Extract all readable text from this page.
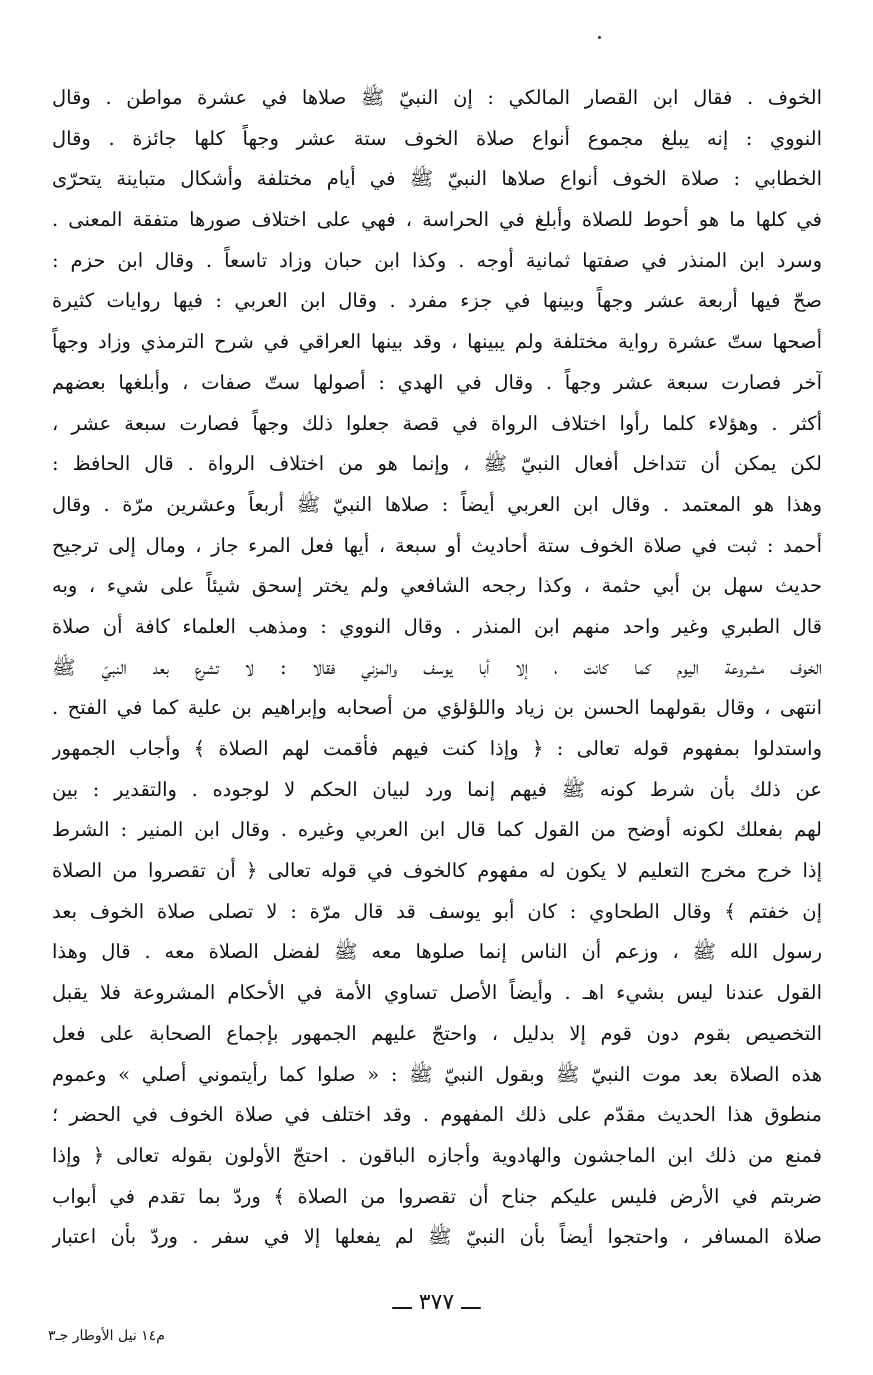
الخوف . فقال ابن القصار المالكي : إن النبيّ ﷺ صلاها في عشرة مواطن . وقال
النووي : إنه يبلغ مجموع أنواع صلاة الخوف ستة عشر وجهاً كلها جائزة . وقال
الخطابي : صلاة الخوف أنواع صلاها النبيّ ﷺ في أيام مختلفة وأشكال متباينة يتحرّى
في كلها ما هو أحوط للصلاة وأبلغ في الحراسة ، فهي على اختلاف صورها متفقة المعنى .
وسرد ابن المنذر في صفتها ثمانية أوجه . وكذا ابن حبان وزاد تاسعاً . وقال ابن حزم :
صحّ فيها أربعة عشر وجهاً وبينها في جزء مفرد . وقال ابن العربي : فيها روايات كثيرة
أصحها ستّ عشرة رواية مختلفة ولم يبينها ، وقد بينها العراقي في شرح الترمذي وزاد وجهاً
آخر فصارت سبعة عشر وجهاً . وقال في الهدي : أصولها ستّ صفات ، وأبلغها بعضهم
أكثر . وهؤلاء كلما رأوا اختلاف الرواة في قصة جعلوا ذلك وجهاً فصارت سبعة عشر ،
لكن يمكن أن تتداخل أفعال النبيّ ﷺ ، وإنما هو من اختلاف الرواة . قال الحافظ :
وهذا هو المعتمد . وقال ابن العربي أيضاً : صلاها النبيّ ﷺ أربعاً وعشرين مرّة . وقال
أحمد : ثبت في صلاة الخوف ستة أحاديث أو سبعة ، أيها فعل المرء جاز ، ومال إلى ترجيح
حديث سهل بن أبي حثمة ، وكذا رجحه الشافعي ولم يختر إسحق شيئاً على شيء ، وبه
قال الطبري وغير واحد منهم ابن المنذر . وقال النووي : ومذهب العلماء كافة أن صلاة
الخوف مشروعة اليوم كما كانت ، إلا أبا يوسف والمزني فقالا : لا تشرع بعد النبيّ ﷺ
انتهى ، وقال بقولهما الحسن بن زياد واللؤلؤي من أصحابه وإبراهيم بن علية كما في الفتح .
واستدلوا بمفهوم قوله تعالى : ﴿ وإذا كنت فيهم فأقمت لهم الصلاة ﴾ وأجاب الجمهور
عن ذلك بأن شرط كونه ﷺ فيهم إنما ورد لبيان الحكم لا لوجوده . والتقدير : بين
لهم بفعلك لكونه أوضح من القول كما قال ابن العربي وغيره . وقال ابن المنير : الشرط
إذا خرج مخرج التعليم لا يكون له مفهوم كالخوف في قوله تعالى ﴿ أن تقصروا من الصلاة
إن خفتم ﴾ وقال الطحاوي : كان أبو يوسف قد قال مرّة : لا تصلى صلاة الخوف بعد
رسول الله ﷺ ، وزعم أن الناس إنما صلوها معه ﷺ لفضل الصلاة معه . قال وهذا
القول عندنا ليس بشيء اهـ . وأيضاً الأصل تساوي الأمة في الأحكام المشروعة فلا يقبل
التخصيص بقوم دون قوم إلا بدليل ، واحتجّ عليهم الجمهور بإجماع الصحابة على فعل
هذه الصلاة بعد موت النبيّ ﷺ وبقول النبيّ ﷺ : « صلوا كما رأيتموني أصلي » وعموم
منطوق هذا الحديث مقدّم على ذلك المفهوم . وقد اختلف في صلاة الخوف في الحضر ؛
فمنع من ذلك ابن الماجشون والهادوية وأجازه الباقون . احتجّ الأولون بقوله تعالى ﴿ وإذا
ضربتم في الأرض فليس عليكم جناح أن تقصروا من الصلاة ﴾ وردّ بما تقدم في أبواب
صلاة المسافر ، واحتجوا أيضاً بأن النبيّ ﷺ لم يفعلها إلا في سفر . وردّ بأن اعتبار
ـــ ٣٧٧ ـــ
م١٤ نيل الأوطار جـ٣
